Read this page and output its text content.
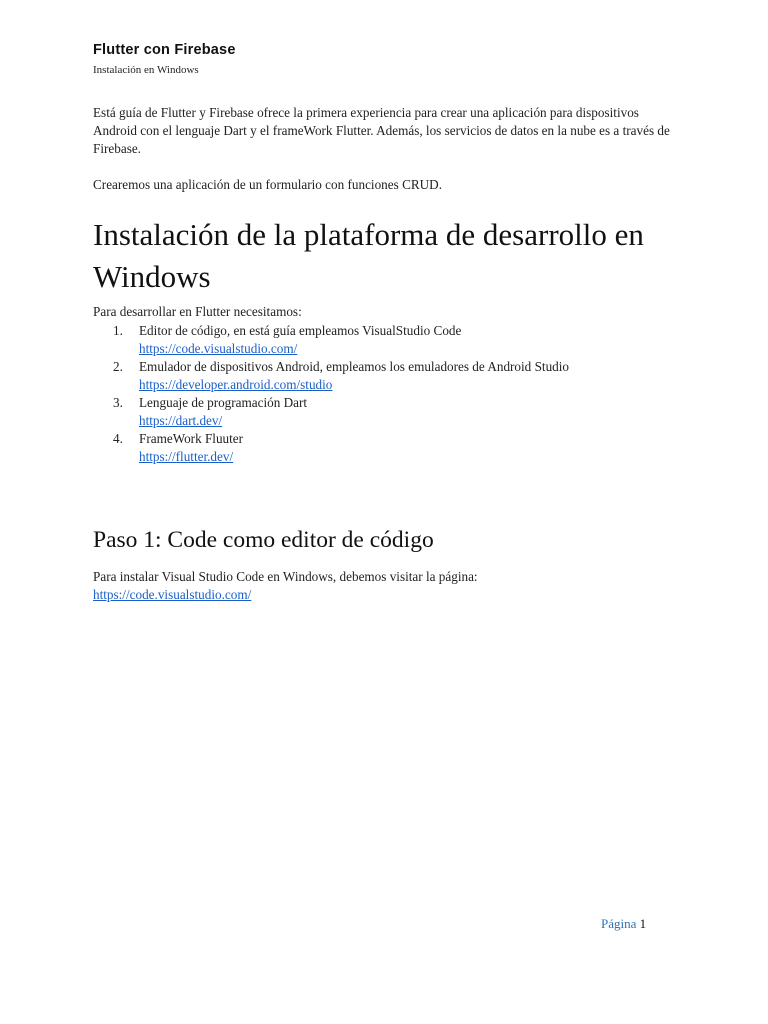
Flutter con Firebase
Instalación en Windows

Está guía de Flutter y Firebase ofrece la primera experiencia para crear una aplicación para dispositivos Android con el lenguaje Dart y el frameWork Flutter. Además, los servicios de datos en la nube es a través de Firebase.

Crearemos una aplicación de un formulario con funciones CRUD.

Instalación de la plataforma de desarrollo en Windows
Para desarrollar en Flutter necesitamos:
1. Editor de código, en está guía empleamos VisualStudio Code
https://code.visualstudio.com/
2. Emulador de dispositivos Android, empleamos los emuladores de Android Studio
https://developer.android.com/studio
3. Lenguaje de programación Dart
https://dart.dev/
4. FrameWork Fluuter
https://flutter.dev/
Paso 1: Code como editor de código
Para instalar Visual Studio Code en Windows, debemos visitar la página:
https://code.visualstudio.com/
Página 1
